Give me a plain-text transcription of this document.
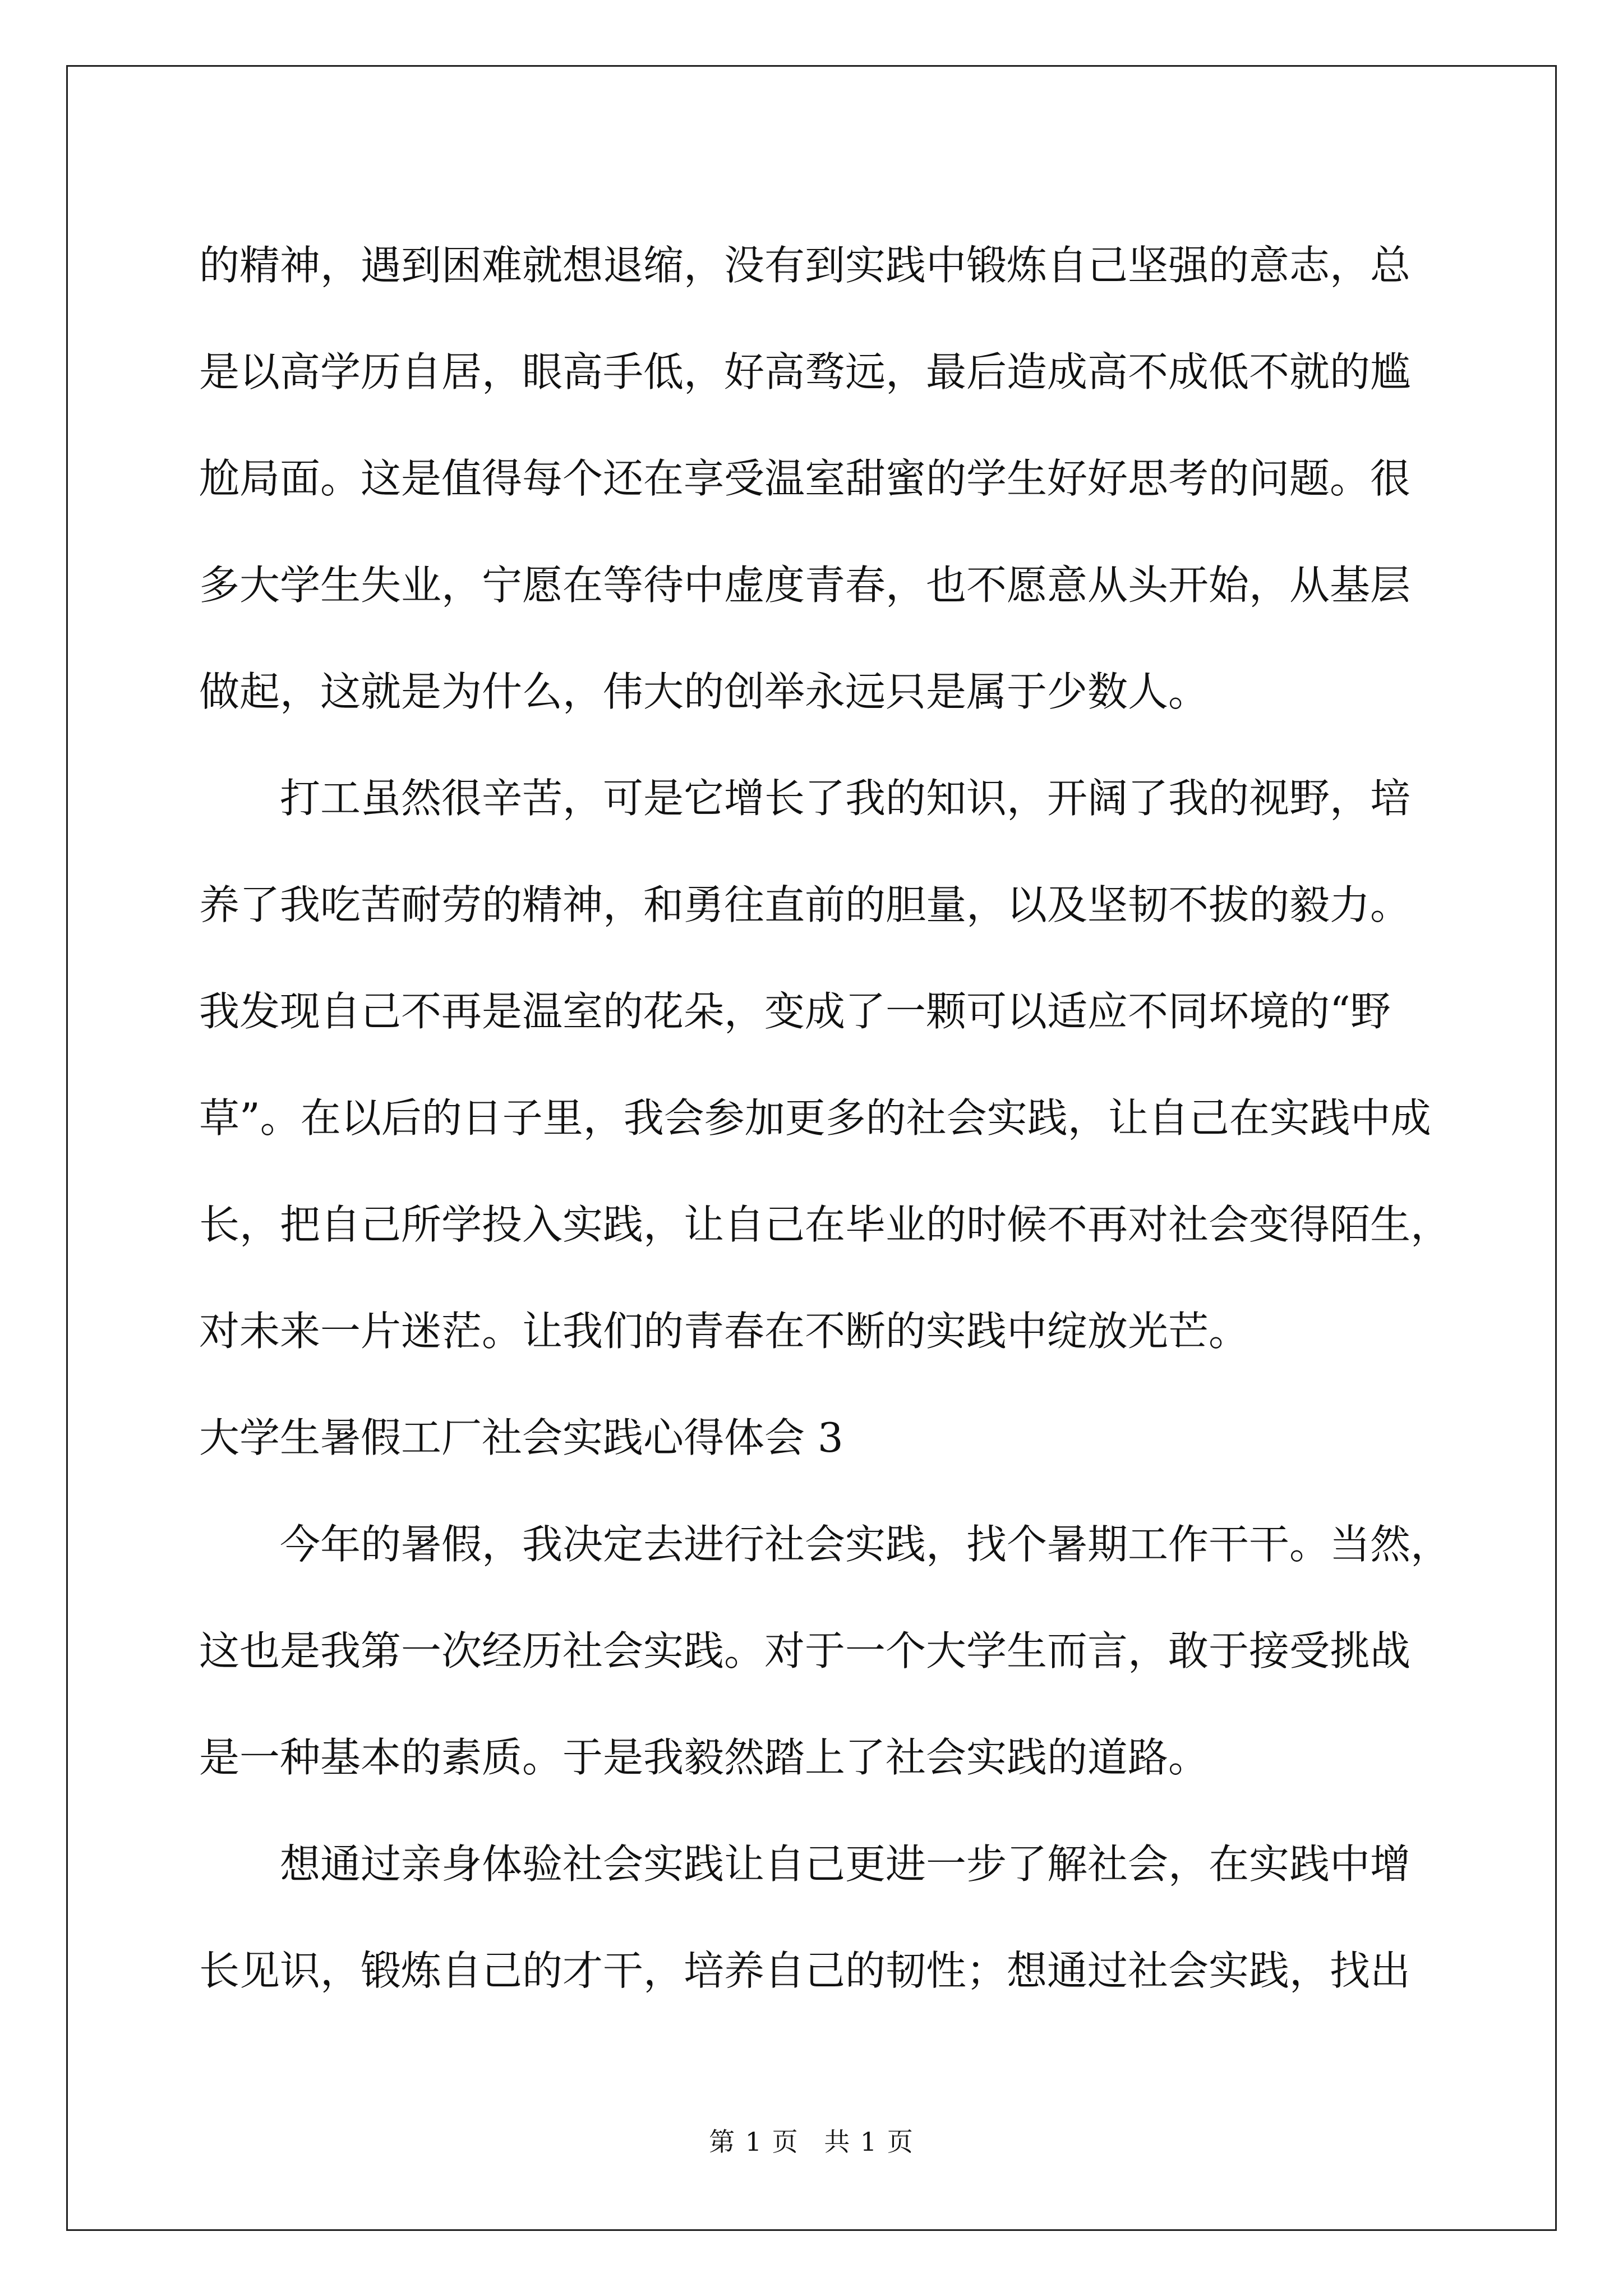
的精神，遇到困难就想退缩，没有到实践中锻炼自己坚强的意志，总
是以高学历自居，眼高手低，好高骛远，最后造成高不成低不就的尴
尬局面。这是值得每个还在享受温室甜蜜的学生好好思考的问题。很
多大学生失业，宁愿在等待中虚度青春，也不愿意从头开始，从基层
做起，这就是为什么，伟大的创举永远只是属于少数人。
打工虽然很辛苦，可是它增长了我的知识，开阔了我的视野，培
养了我吃苦耐劳的精神，和勇往直前的胆量，以及坚韧不拔的毅力。
我发现自己不再是温室的花朵，变成了一颗可以适应不同坏境的“野
草”。在以后的日子里，我会参加更多的社会实践，让自己在实践中成
长，把自己所学投入实践，让自己在毕业的时候不再对社会变得陌生，
对未来一片迷茫。让我们的青春在不断的实践中绽放光芒。
大学生暑假工厂社会实践心得体会 3
今年的暑假，我决定去进行社会实践，找个暑期工作干干。当然，
这也是我第一次经历社会实践。对于一个大学生而言，敢于接受挑战
是一种基本的素质。于是我毅然踏上了社会实践的道路。
想通过亲身体验社会实践让自己更进一步了解社会，在实践中增
长见识，锻炼自己的才干，培养自己的韧性；想通过社会实践，找出
第 1 页 共 1 页
